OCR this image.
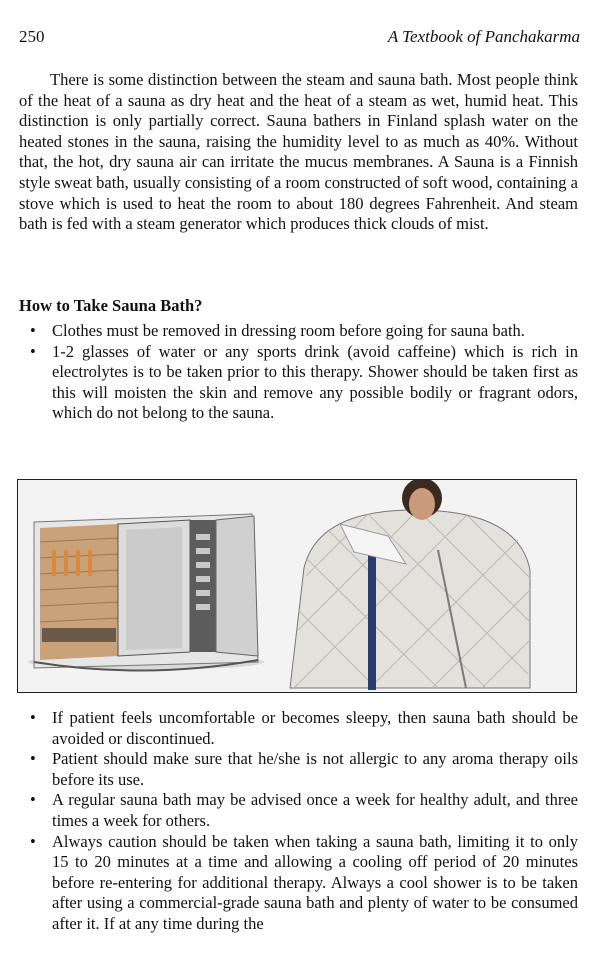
250	A Textbook of Panchakarma

There is some distinction between the steam and sauna bath. Most people think of the heat of a sauna as dry heat and the heat of a steam as wet, humid heat. This distinction is only partially correct. Sauna bathers in Finland splash water on the heated stones in the sauna, raising the humidity level to as much as 40%. Without that, the hot, dry sauna air can irritate the mucus membranes. A Sauna is a Finnish style sweat bath, usually consisting of a room constructed of soft wood, containing a stove which is used to heat the room to about 180 degrees Fahrenheit. And steam bath is fed with a steam generator which produces thick clouds of mist.

How to Take Sauna Bath?
• Clothes must be removed in dressing room before going for sauna bath.
• 1-2 glasses of water or any sports drink (avoid caffeine) which is rich in electrolytes is to be taken prior to this therapy. Shower should be taken first as this will moisten the skin and remove any possible bodily or fragrant odors, which do not belong to the sauna.
• If patient feels uncomfortable or becomes sleepy, then sauna bath should be avoided or discontinued.
• Patient should make sure that he/she is not allergic to any aroma therapy oils before its use.
• A regular sauna bath may be advised once a week for healthy adult, and three times a week for others.
• Always caution should be taken when taking a sauna bath, limiting it to only 15 to 20 minutes at a time and allowing a cooling off period of 20 minutes before re-entering for additional therapy. Always a cool shower is to be taken after using a commercial-grade sauna bath and plenty of water to be consumed after it. If at any time during the
